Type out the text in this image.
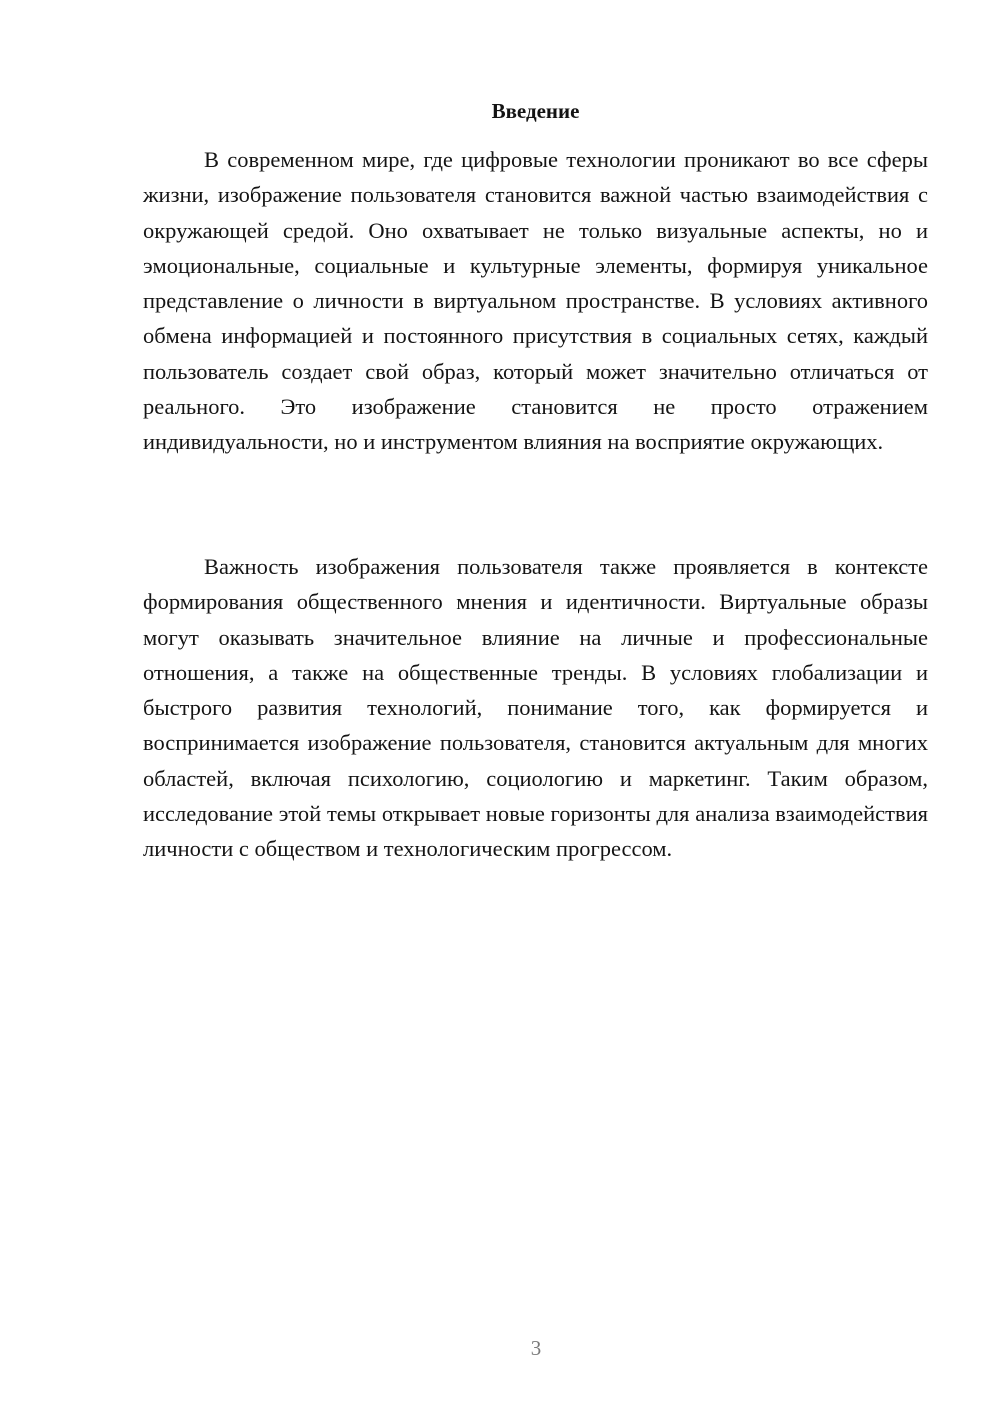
Введение

В современном мире, где цифровые технологии проникают во все сферы жизни, изображение пользователя становится важной частью взаимодействия с окружающей средой. Оно охватывает не только визуальные аспекты, но и эмоциональные, социальные и культурные элементы, формируя уникальное представление о личности в виртуальном пространстве. В условиях активного обмена информацией и постоянного присутствия в социальных сетях, каждый пользователь создает свой образ, который может значительно отличаться от реального. Это изображение становится не просто отражением индивидуальности, но и инструментом влияния на восприятие окружающих.

Важность изображения пользователя также проявляется в контексте формирования общественного мнения и идентичности. Виртуальные образы могут оказывать значительное влияние на личные и профессиональные отношения, а также на общественные тренды. В условиях глобализации и быстрого развития технологий, понимание того, как формируется и воспринимается изображение пользователя, становится актуальным для многих областей, включая психологию, социологию и маркетинг. Таким образом, исследование этой темы открывает новые горизонты для анализа взаимодействия личности с обществом и технологическим прогрессом.

3
